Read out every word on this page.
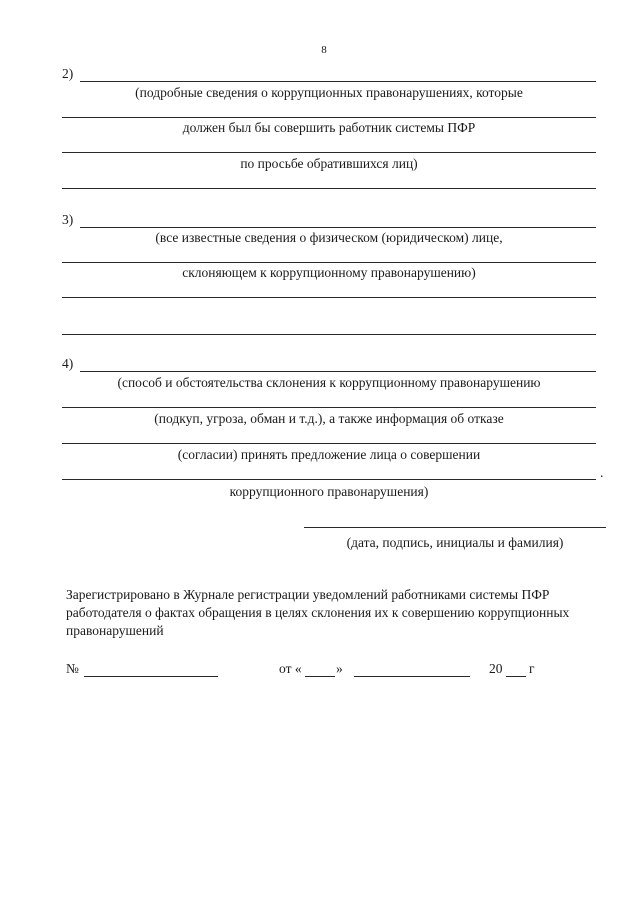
8
2)
(подробные сведения о коррупционных правонарушениях, которые
должен был бы совершить работник системы ПФР
по просьбе обратившихся лиц)
3)
(все известные сведения о физическом (юридическом) лице,
склоняющем к коррупционному правонарушению)
4)
(способ и обстоятельства склонения к коррупционному правонарушению
(подкуп, угроза, обман и т.д.), а также информация об отказе
(согласии) принять предложение лица о совершении
.
коррупционного правонарушения)
(дата, подпись, инициалы и фамилия)
Зарегистрировано в Журнале регистрации уведомлений работниками системы ПФР работодателя о фактах обращения в целях склонения их к совершению коррупционных правонарушений
№	от «	»	20 г
